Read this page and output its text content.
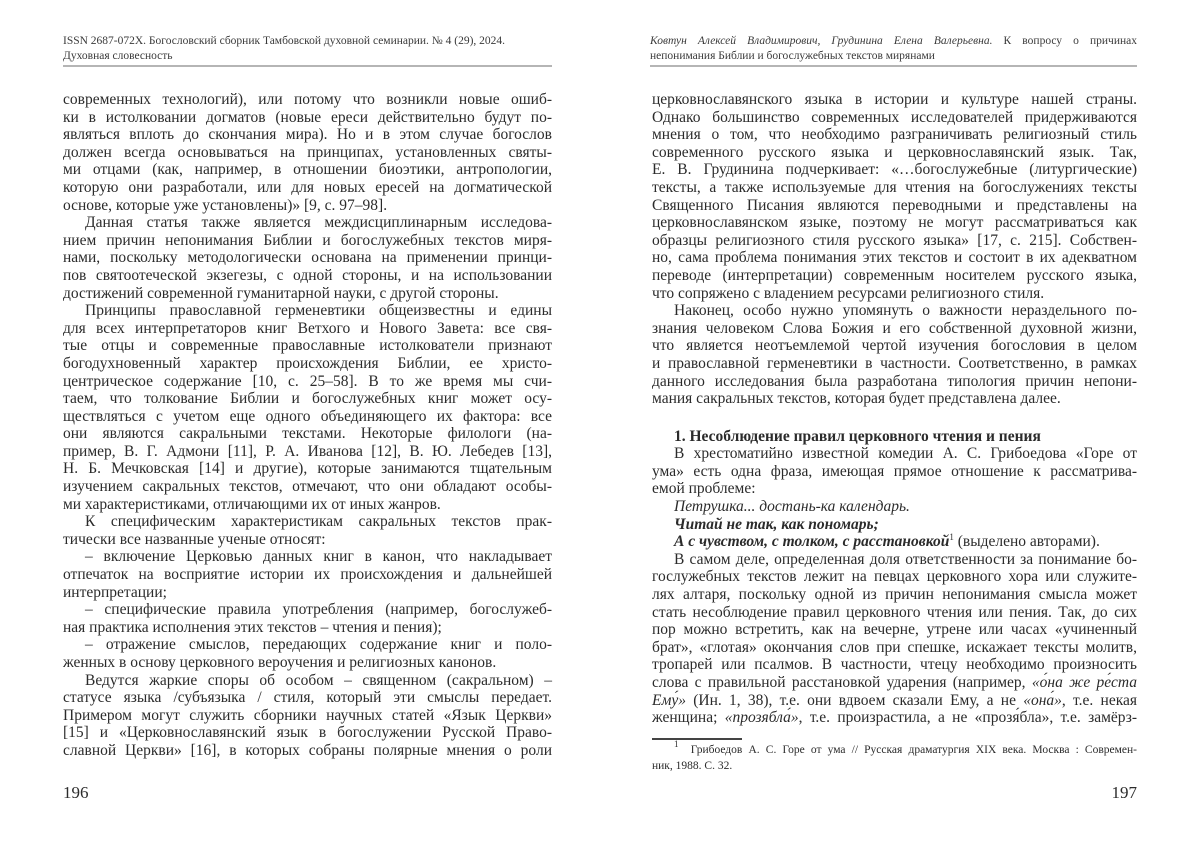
ISSN 2687-072X. Богословский сборник Тамбовской духовной семинарии. № 4 (29), 2024.
Духовная словесность
современных технологий), или потому что возникли новые ошиб-
ки в истолковании догматов (новые ереси действительно будут по-
являться вплоть до скончания мира). Но и в этом случае богослов
должен всегда основываться на принципах, установленных святы-
ми отцами (как, например, в отношении биоэтики, антропологии,
которую они разработали, или для новых ересей на догматической
основе, которые уже установлены)» [9, с. 97–98].
Данная статья также является междисциплинарным исследова-
нием причин непонимания Библии и богослужебных текстов миря-
нами, поскольку методологически основана на применении принци-
пов святоотеческой экзегезы, с одной стороны, и на использовании
достижений современной гуманитарной науки, с другой стороны.
Принципы православной герменевтики общеизвестны и едины
для всех интерпретаторов книг Ветхого и Нового Завета: все свя-
тые отцы и современные православные истолкователи признают
богодухновенный характер происхождения Библии, ее христо-
центрическое содержание [10, с. 25–58]. В то же время мы счи-
таем, что толкование Библии и богослужебных книг может осу-
ществляться с учетом еще одного объединяющего их фактора: все
они являются сакральными текстами. Некоторые филологи (на-
пример, В. Г. Адмони [11], Р. А. Иванова [12], В. Ю. Лебедев [13],
Н. Б. Мечковская [14] и другие), которые занимаются тщательным
изучением сакральных текстов, отмечают, что они обладают особы-
ми характеристиками, отличающими их от иных жанров.
К специфическим характеристикам сакральных текстов прак-
тически все названные ученые относят:
– включение Церковью данных книг в канон, что накладывает
отпечаток на восприятие истории их происхождения и дальнейшей
интерпретации;
– специфические правила употребления (например, богослужеб-
ная практика исполнения этих текстов – чтения и пения);
– отражение смыслов, передающих содержание книг и поло-
женных в основу церковного вероучения и религиозных канонов.
Ведутся жаркие споры об особом – священном (сакральном) –
статусе языка /субъязыка / стиля, который эти смыслы передает.
Примером могут служить сборники научных статей «Язык Церкви»
[15] и «Церковнославянский язык в богослужении Русской Право-
славной Церкви» [16], в которых собраны полярные мнения о роли
196
Ковтун Алексей Владимирович, Грудинина Елена Валерьевна. К вопросу о причинах
непонимания Библии и богослужебных текстов мирянами
церковнославянского языка в истории и культуре нашей страны.
Однако большинство современных исследователей придерживаются
мнения о том, что необходимо разграничивать религиозный стиль
современного русского языка и церковнославянский язык. Так,
Е. В. Грудинина подчеркивает: «…богослужебные (литургические)
тексты, а также используемые для чтения на богослужениях тексты
Священного Писания являются переводными и представлены на
церковнославянском языке, поэтому не могут рассматриваться как
образцы религиозного стиля русского языка» [17, с. 215]. Собствен-
но, сама проблема понимания этих текстов и состоит в их адекватном
переводе (интерпретации) современным носителем русского языка,
что сопряжено с владением ресурсами религиозного стиля.
Наконец, особо нужно упомянуть о важности нераздельного по-
знания человеком Слова Божия и его собственной духовной жизни,
что является неотъемлемой чертой изучения богословия в целом
и православной герменевтики в частности. Соответственно, в рамках
данного исследования была разработана типология причин непони-
мания сакральных текстов, которая будет представлена далее.
1. Несоблюдение правил церковного чтения и пения
В хрестоматийно известной комедии А. С. Грибоедова «Горе от
ума» есть одна фраза, имеющая прямое отношение к рассматрива-
емой проблеме:
Петрушка... достань-ка календарь.
Читай не так, как пономарь;
А с чувством, с толком, с расстановкой1 (выделено авторами).
В самом деле, определенная доля ответственности за понимание бо-
гослужебных текстов лежит на певцах церковного хора или служите-
лях алтаря, поскольку одной из причин непонимания смысла может
стать несоблюдение правил церковного чтения или пения. Так, до сих
пор можно встретить, как на вечерне, утрене или часах «учиненный
брат», «глотая» окончания слов при спешке, искажает тексты молитв,
тропарей или псалмов. В частности, чтецу необходимо произносить
слова с правильной расстановкой ударения (например, «о́на же ре́ста
Ему́» (Ин. 1, 38), т.е. они вдвоем сказали Ему, а не «она́», т.е. некая
женщина; «прозябла́», т.е. произрастила, а не «прозя́бла», т.е. замёрз-
1 Грибоедов А. С. Горе от ума // Русская драматургия XIX века. Москва : Современ-
ник, 1988. С. 32.
197
